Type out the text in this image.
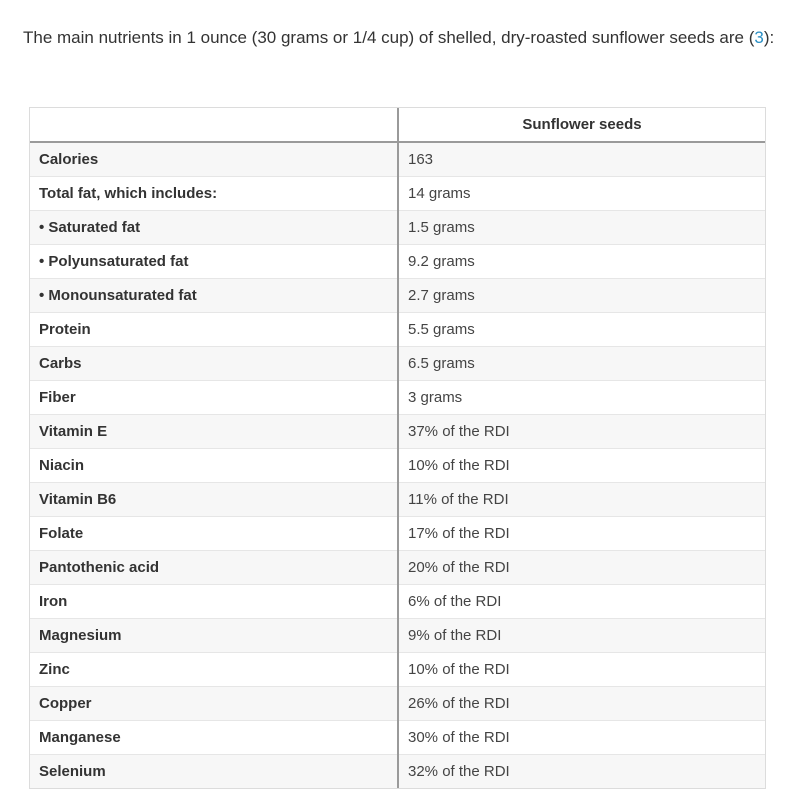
The main nutrients in 1 ounce (30 grams or 1/4 cup) of shelled, dry-roasted sunflower seeds are (3):

	Sunflower seeds
Calories	163
Total fat, which includes:	14 grams
• Saturated fat	1.5 grams
• Polyunsaturated fat	9.2 grams
• Monounsaturated fat	2.7 grams
Protein	5.5 grams
Carbs	6.5 grams
Fiber	3 grams
Vitamin E	37% of the RDI
Niacin	10% of the RDI
Vitamin B6	11% of the RDI
Folate	17% of the RDI
Pantothenic acid	20% of the RDI
Iron	6% of the RDI
Magnesium	9% of the RDI
Zinc	10% of the RDI
Copper	26% of the RDI
Manganese	30% of the RDI
Selenium	32% of the RDI
